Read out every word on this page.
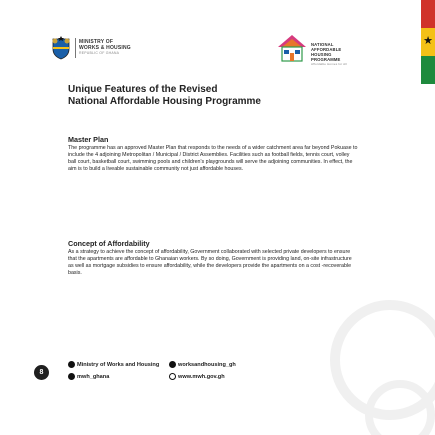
★
MINISTRY OF
WORKS & HOUSING
REPUBLIC OF GHANA
NATIONAL AFFORDABLE
HOUSING PROGRAMME
Affordable Homes for All
Unique Features of the Revised
National Affordable Housing Programme
Master Plan

The programme has an approved Master Plan that responds to the needs of a wider catchment area far beyond Pokuase to include the 4 adjoining Metropolitan / Municipal / District Assemblies. Facilities such as football fields, tennis court, volley ball court, basketball court, swimming pools and children's playgrounds will serve the adjoining communities. In effect, the aim is to build a liveable sustainable community not just affordable houses.

Concept of Affordability

As a strategy to achieve the concept of affordability, Government collaborated with selected private developers to ensure that the apartments are affordable to Ghanaian workers. By so doing, Government is providing land, on-site infrastructure as well as mortgage subsidies to ensure affordability, while the developers provide the apartments on a cost -recoverable basis.

8
Ministry of Works and Housing	worksandhousing_gh
mwh_ghana	www.mwh.gov.gh
